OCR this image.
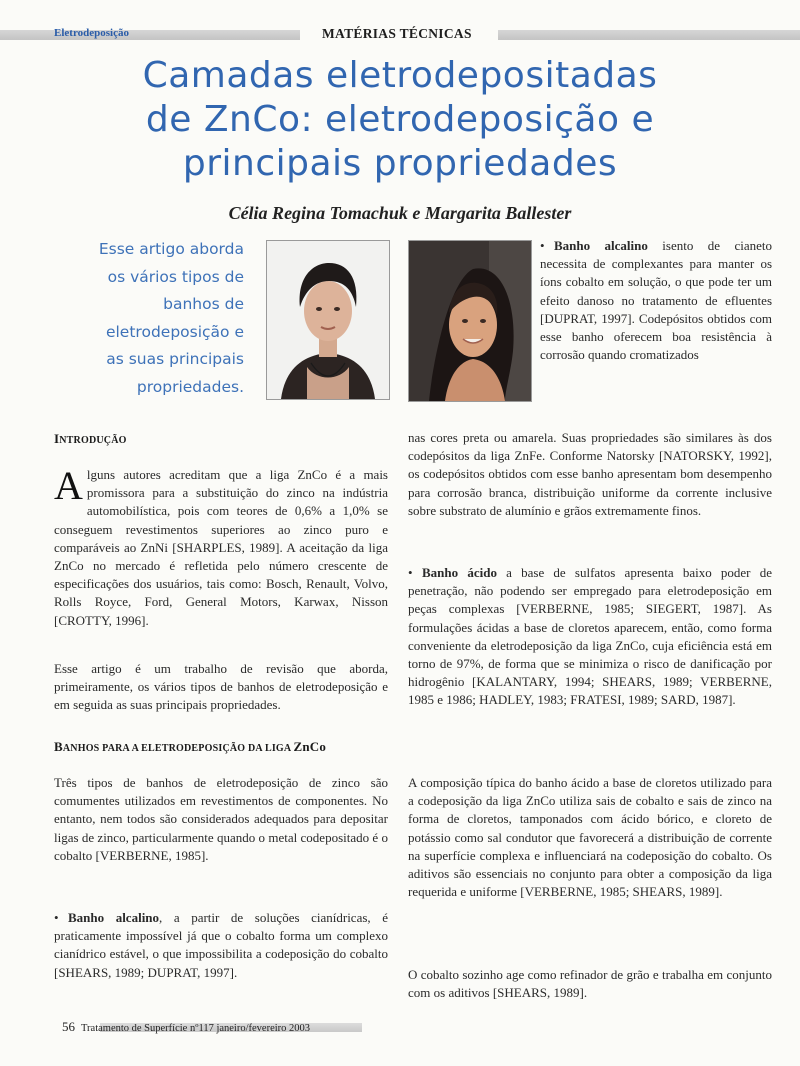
Eletrodeposição	MATÉRIAS TÉCNICAS
Camadas eletrodepositadas
de ZnCo: eletrodeposição e
principais propriedades
Célia Regina Tomachuk e Margarita Ballester
Esse artigo aborda
os vários tipos de
banhos de
eletrodeposição e
as suas principais
propriedades.
INTRODUÇÃO
Alguns autores acreditam que a liga ZnCo é a mais promissora para a substituição do zinco na indústria automobilística, pois com teores de 0,6% a 1,0% se conseguem revestimentos superiores ao zinco puro e comparáveis ao ZnNi [SHARPLES, 1989]. A aceitação da liga ZnCo no mercado é refletida pelo número crescente de especificações dos usuários, tais como: Bosch, Renault, Volvo, Rolls Royce, Ford, General Motors, Karwax, Nisson [CROTTY, 1996].
Esse artigo é um trabalho de revisão que aborda, primeiramente, os vários tipos de banhos de eletrodeposição e em seguida as suas principais propriedades.
BANHOS PARA A ELETRODEPOSIÇÃO DA LIGA ZnCo
Três tipos de banhos de eletrodeposição de zinco são comumentes utilizados em revestimentos de componentes. No entanto, nem todos são considerados adequados para depositar ligas de zinco, particularmente quando o metal codepositado é o cobalto [VERBERNE, 1985].
• Banho alcalino, a partir de soluções cianídricas, é praticamente impossível já que o cobalto forma um complexo cianídrico estável, o que impossibilita a codeposição do cobalto [SHEARS, 1989; DUPRAT, 1997].
• Banho alcalino isento de cianeto necessita de complexantes para manter os íons cobalto em solução, o que pode ter um efeito danoso no tratamento de efluentes [DUPRAT, 1997]. Codepósitos obtidos com esse banho oferecem boa resistência à corrosão quando cromatizados
nas cores preta ou amarela. Suas propriedades são similares às dos codepósitos da liga ZnFe. Conforme Natorsky [NATORSKY, 1992], os codepósitos obtidos com esse banho apresentam bom desempenho para corrosão branca, distribuição uniforme da corrente inclusive sobre substrato de alumínio e grãos extremamente finos.
• Banho ácido a base de sulfatos apresenta baixo poder de penetração, não podendo ser empregado para eletrodeposição em peças complexas [VERBERNE, 1985; SIEGERT, 1987]. As formulações ácidas a base de cloretos aparecem, então, como forma conveniente da eletrodeposição da liga ZnCo, cuja eficiência está em torno de 97%, de forma que se minimiza o risco de danificação por hidrogênio [KALANTARY, 1994; SHEARS, 1989; VERBERNE, 1985 e 1986; HADLEY, 1983; FRATESI, 1989; SARD, 1987].
A composição típica do banho ácido a base de cloretos utilizado para a codeposição da liga ZnCo utiliza sais de cobalto e sais de zinco na forma de cloretos, tamponados com ácido bórico, e cloreto de potássio como sal condutor que favorecerá a distribuição de corrente na superfície complexa e influenciará na codeposição do cobalto. Os aditivos são essenciais no conjunto para obter a composição da liga requerida e uniforme [VERBERNE, 1985; SHEARS, 1989].
O cobalto sozinho age como refinador de grão e trabalha em conjunto com os aditivos [SHEARS, 1989].
56 Tratamento de Superfície nº117 janeiro/fevereiro 2003
